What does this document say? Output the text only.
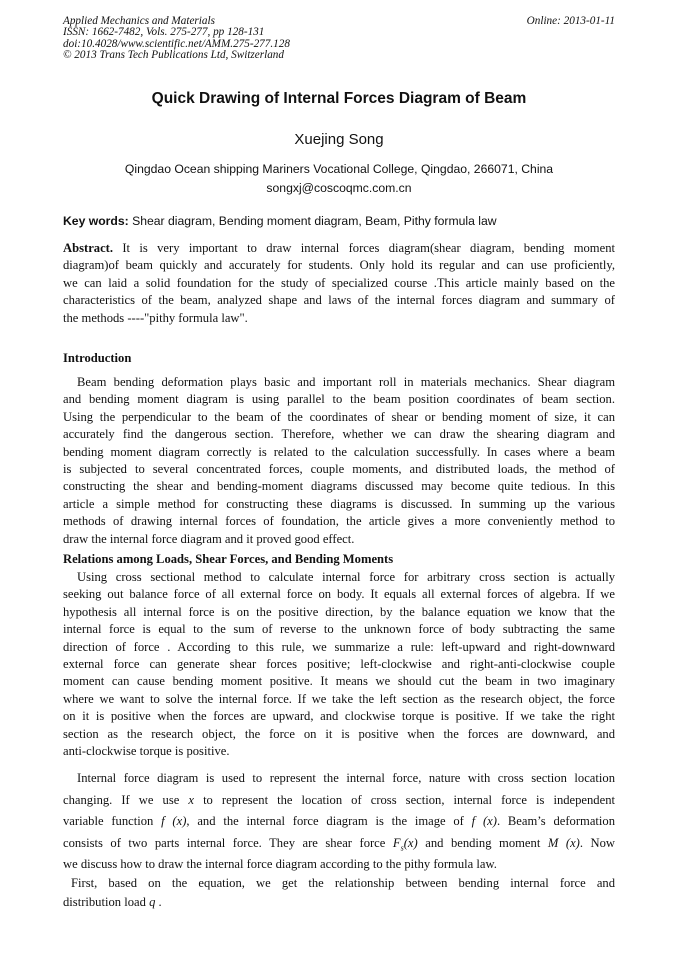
Applied Mechanics and Materials
ISSN: 1662-7482, Vols. 275-277, pp 128-131
doi:10.4028/www.scientific.net/AMM.275-277.128
© 2013 Trans Tech Publications Ltd, Switzerland
Online: 2013-01-11
Quick Drawing of Internal Forces Diagram of Beam
Xuejing Song
Qingdao Ocean shipping Mariners Vocational College, Qingdao, 266071, China
songxj@coscoqmc.com.cn
Key words: Shear diagram, Bending moment diagram, Beam, Pithy formula law
Abstract. It is very important to draw internal forces diagram(shear diagram, bending moment
diagram)of beam quickly and accurately for students. Only hold its regular and can use proficiently,
we can laid a solid foundation for the study of specialized course .This article mainly based on the
characteristics of the beam, analyzed shape and laws of the internal forces diagram and summary of
the methods ----"pithy formula law".
Introduction
Beam bending deformation plays basic and important roll in materials mechanics. Shear diagram
and bending moment diagram is using parallel to the beam position coordinates of beam section.
Using the perpendicular to the beam of the coordinates of shear or bending moment of size, it can
accurately find the dangerous section. Therefore, whether we can draw the shearing diagram and
bending moment diagram correctly is related to the calculation successfully. In cases where a beam
is subjected to several concentrated forces, couple moments, and distributed loads, the method of
constructing the shear and bending-moment diagrams discussed may become quite tedious. In this
article a simple method for constructing these diagrams is discussed. In summing up the various
methods of drawing internal forces of foundation, the article gives a more conveniently method to
draw the internal force diagram and it proved good effect.
Relations among Loads, Shear Forces, and Bending Moments
Using cross sectional method to calculate internal force for arbitrary cross section is actually
seeking out balance force of all external force on body. It equals all external forces of algebra. If we
hypothesis all internal force is on the positive direction, by the balance equation we know that the
internal force is equal to the sum of reverse to the unknown force of body subtracting the same
direction of force . According to this rule, we summarize a rule: left-upward and right-downward
external force can generate shear forces positive; left-clockwise and right-anti-clockwise couple
moment can cause bending moment positive. It means we should cut the beam in two imaginary
where we want to solve the internal force. If we take the left section as the research object, the force
on it is positive when the forces are upward, and clockwise torque is positive. If we take the right
section as the research object, the force on it is positive when the forces are downward, and
anti-clockwise torque is positive.
Internal force diagram is used to represent the internal force, nature with cross section location
changing. If we use x to represent the location of cross section, internal force is independent
variable function f (x), and the internal force diagram is the image of f (x). Beam’s deformation
consists of two parts internal force. They are shear force $F_s(x)$ and bending moment M (x). Now
we discuss how to draw the internal force diagram according to the pithy formula law.
First, based on the equation, we get the relationship between bending internal force and
distribution load q .
